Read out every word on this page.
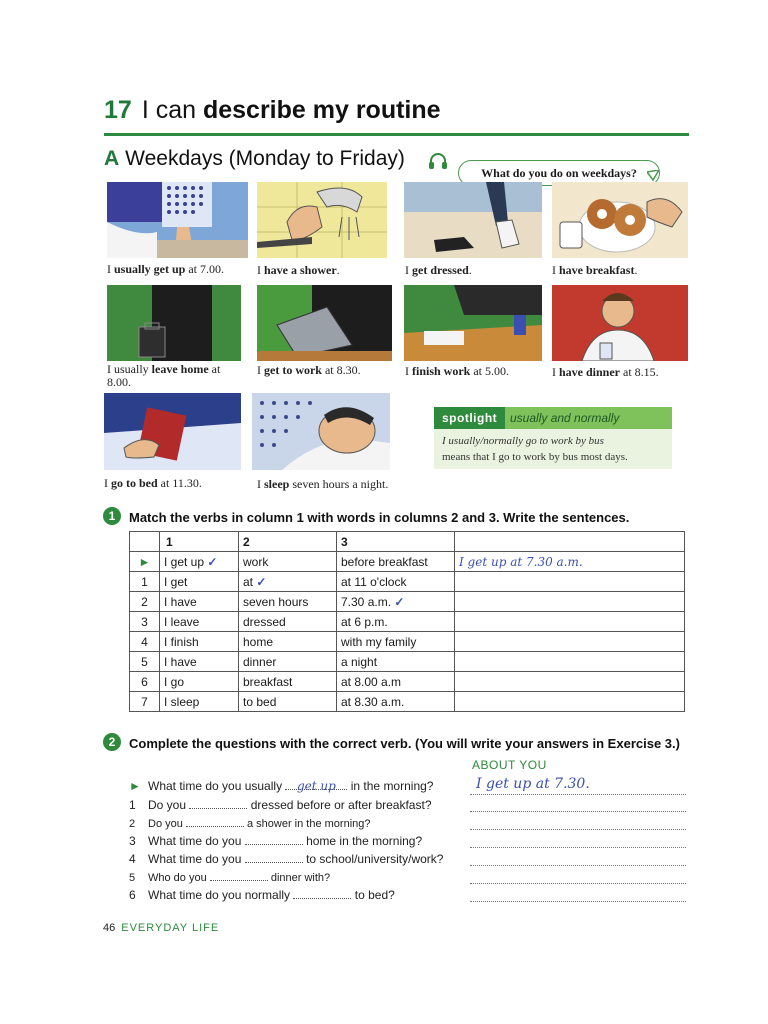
17 I can describe my routine
A Weekdays (Monday to Friday)
What do you do on weekdays?
I usually get up at 7.00.	I have a shower.	I get dressed.	I have breakfast.
I usually leave home at 8.00.
I get to work at 8.30.	I finish work at 5.00.	I have dinner at 8.15.
I go to bed at 11.30.	I sleep seven hours a night.
spotlight	usually and normally
I usually/normally go to work by bus
means that I go to work by bus most days.
1	Match the verbs in column 1 with words in columns 2 and 3. Write the sentences.
	1	2	3	
►	I get up ✓	work	before breakfast	I get up at 7.30 a.m.
1	I get	at ✓	at 11 o'clock	
2	I have	seven hours	7.30 a.m. ✓	
3	I leave	dressed	at 6 p.m.	
4	I finish	home	with my family	
5	I have	dinner	a night	
6	I go	breakfast	at 8.00 a.m	
7	I sleep	to bed	at 8.30 a.m.	
2	Complete the questions with the correct verb. (You will write your answers in Exercise 3.)
ABOUT YOU
► What time do you usually get up in the morning?	I get up at 7.30.
1 Do you	dressed before or after breakfast?
2 Do you	a shower in the morning?
3 What time do you	home in the morning?
4 What time do you	to school/university/work?
5 Who do you	dinner with?
6 What time do you normally	to bed?
46 EVERYDAY LIFE
